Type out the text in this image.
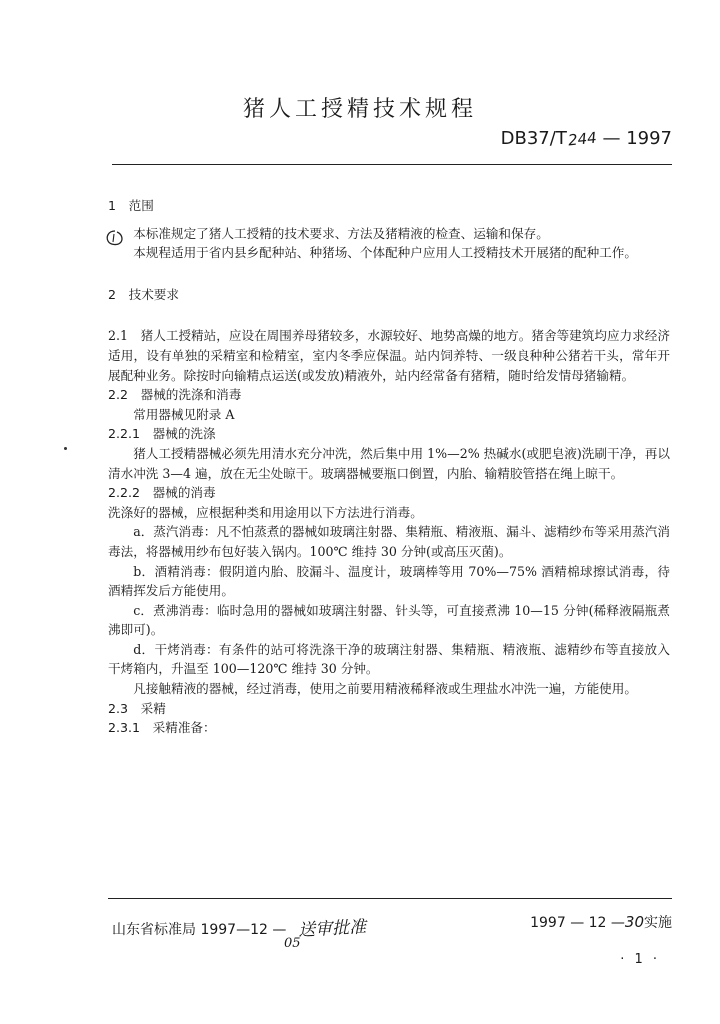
猪人工授精技术规程
DB37/T244 — 1997

1　范围

本标准规定了猪人工授精的技术要求、方法及猪精液的检查、运输和保存。

本规程适用于省内县乡配种站、种猪场、个体配种户应用人工授精技术开展猪的配种工作。

2　技术要求

2.1　猪人工授精站，应设在周围养母猪较多，水源较好、地势高燥的地方。猪舍等建筑均应力求经济适用，设有单独的采精室和检精室，室内冬季应保温。站内饲养特、一级良种种公猪若干头，常年开展配种业务。除按时向输精点运送(或发放)精液外，站内经常备有猪精，随时给发情母猪输精。

2.2　器械的洗涤和消毒

常用器械见附录 A

2.2.1　器械的洗涤

猪人工授精器械必须先用清水充分冲洗，然后集中用 1%—2% 热碱水(或肥皂液)洗刷干净，再以清水冲洗 3—4 遍，放在无尘处晾干。玻璃器械要瓶口倒置，内胎、输精胶管搭在绳上晾干。

2.2.2　器械的消毒

洗涤好的器械，应根据种类和用途用以下方法进行消毒。

a．蒸汽消毒：凡不怕蒸煮的器械如玻璃注射器、集精瓶、精液瓶、漏斗、滤精纱布等采用蒸汽消毒法，将器械用纱布包好装入锅内。100℃ 维持 30 分钟(或高压灭菌)。

b．酒精消毒：假阴道内胎、胶漏斗、温度计，玻璃棒等用 70%—75% 酒精棉球擦试消毒，待酒精挥发后方能使用。

c．煮沸消毒：临时急用的器械如玻璃注射器、针头等，可直接煮沸 10—15 分钟(稀释液隔瓶煮沸即可)。

d．干烤消毒：有条件的站可将洗涤干净的玻璃注射器、集精瓶、精液瓶、滤精纱布等直接放入干烤箱内，升温至 100—120℃ 维持 30 分钟。

凡接触精液的器械，经过消毒，使用之前要用精液稀释液或生理盐水冲洗一遍，方能使用。

2.3　采精

2.3.1　采精准备：

山东省标准局 1997—12 — 送审批准
05
1997 — 12 —30实施
· 1 ·
